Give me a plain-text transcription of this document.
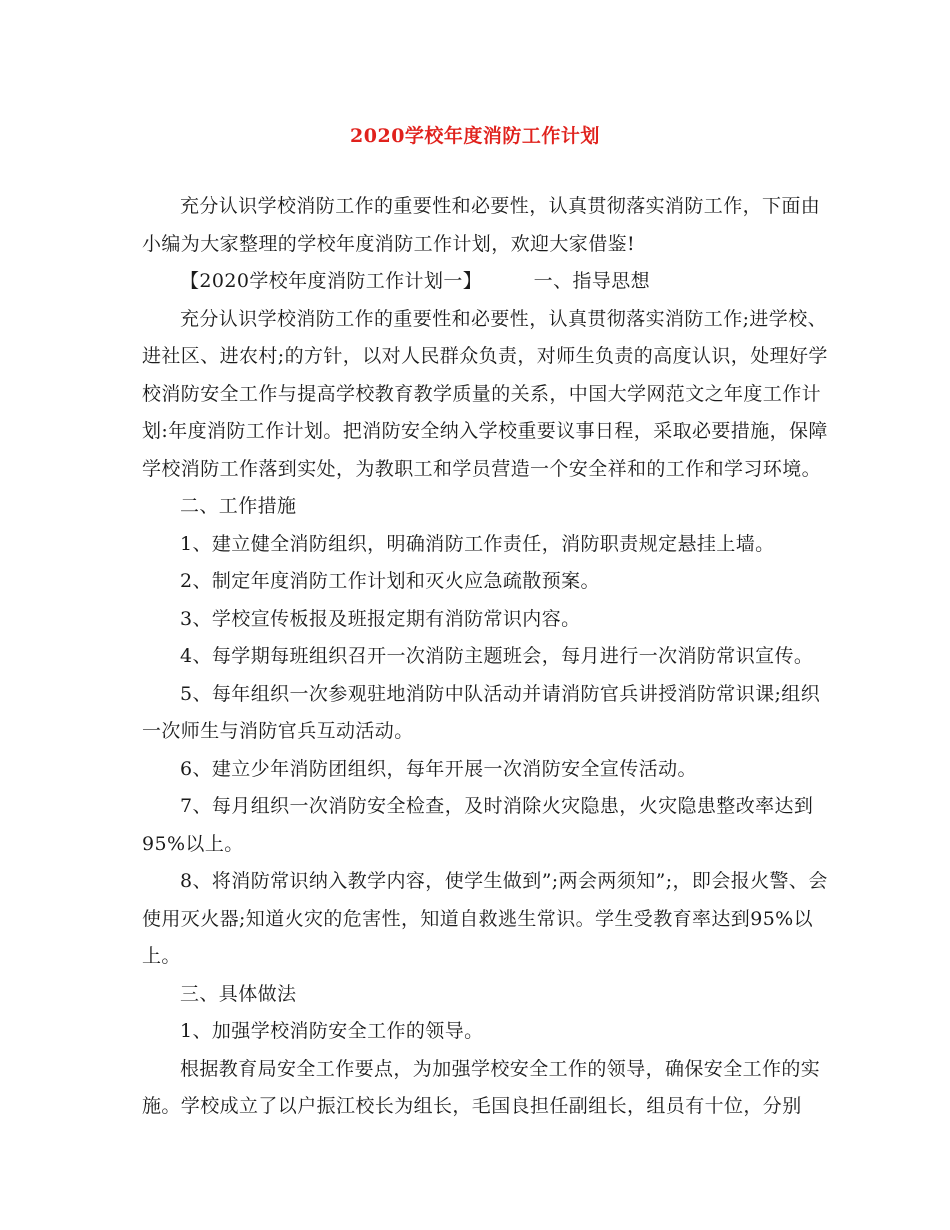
2020学校年度消防工作计划
充分认识学校消防工作的重要性和必要性，认真贯彻落实消防工作，下面由
小编为大家整理的学校年度消防工作计划，欢迎大家借鉴!
【2020学校年度消防工作计划一】        一、指导思想
充分认识学校消防工作的重要性和必要性，认真贯彻落实消防工作;进学校、
进社区、进农村;的方针，以对人民群众负责，对师生负责的高度认识，处理好学
校消防安全工作与提高学校教育教学质量的关系，中国大学网范文之年度工作计
划:年度消防工作计划。把消防安全纳入学校重要议事日程，采取必要措施，保障
学校消防工作落到实处，为教职工和学员营造一个安全祥和的工作和学习环境。
二、工作措施
1、建立健全消防组织，明确消防工作责任，消防职责规定悬挂上墙。
2、制定年度消防工作计划和灭火应急疏散预案。
3、学校宣传板报及班报定期有消防常识内容。
4、每学期每班组织召开一次消防主题班会，每月进行一次消防常识宣传。
5、每年组织一次参观驻地消防中队活动并请消防官兵讲授消防常识课;组织
一次师生与消防官兵互动活动。
6、建立少年消防团组织，每年开展一次消防安全宣传活动。
7、每月组织一次消防安全检查，及时消除火灾隐患，火灾隐患整改率达到
95%以上。
8、将消防常识纳入教学内容，使学生做到”;两会两须知”;，即会报火警、会
使用灭火器;知道火灾的危害性，知道自救逃生常识。学生受教育率达到95%以
上。
三、具体做法
1、加强学校消防安全工作的领导。
根据教育局安全工作要点，为加强学校安全工作的领导，确保安全工作的实
施。学校成立了以户振江校长为组长，毛国良担任副组长，组员有十位，分别
